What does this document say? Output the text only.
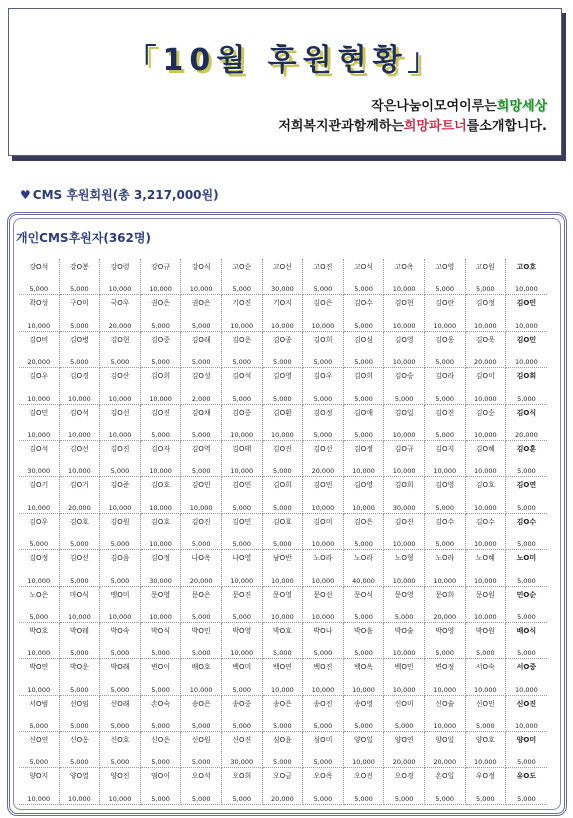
「10월 후원현황」
작은나눔이모여이루는희망세상
저희복지관과함께하는희망파트너를소개합니다.
♥ CMS 후원회원(총 3,217,000원)
개인CMS후원자(362명)
강O석
5,000
강O봉
5,000
강O령
10,000
강O규
10,000
강O식
10,000
고O순
5,000
고O선
30,000
고O진
5,000
고O식
5,000
고O옥
10,000
고O영
5,000
고O원
5,000
고O호
10,000
곽O성
10,000
구O미
5,000
국O우
20,000
권O은
5,000
권O은
5,000
기O진
10,000
기O지
10,000
김O은
10,000
김O수
5,000
김O현
10,000
김O란
10,000
김O정
10,000
김O민
10,000
김O비
20,000
김O병
5,000
김O현
5,000
김O중
5,000
김O래
5,000
김O운
5,000
김O종
5,000
김O희
5,000
김O심
5,000
김O영
10,000
김O웅
5,000
김O욱
20,000
김O민
10,000
김O우
10,000
김O경
10,000
김O산
10,000
김O희
10,000
김O성
2,000
김O석
5,000
김O영
5,000
김O우
5,000
김O희
5,000
김O승
5,000
김O라
5,000
김O미
10,000
김O희
5,000
김O민
10,000
김O석
10,000
김O선
10,000
김O진
5,000
김O채
5,000
김O중
10,000
김O환
10,000
김O정
5,000
김O애
5,000
김O일
10,000
김O진
5,000
김O순
10,000
김O식
20,000
김O석
30,000
김O선
10,000
김O진
5,000
김O자
10,000
김O역
5,000
김O태
10,000
김O진
5,000
김O선
20,000
김O정
10,000
김O규
10,000
김O지
10,000
김O혜
10,000
김O훈
5,000
김O기
10,000
김O기
20,000
김O준
10,000
김O호
10,000
김O민
10,000
김O민
5,000
김O희
5,000
김O민
10,000
김O영
10,000
김O희
30,000
김O영
5,000
김O호
10,000
김O연
5,000
김O우
5,000
김O호
5,000
김O원
5,000
김O호
10,000
김O진
5,000
김O민
5,000
김O호
5,000
김O미
10,000
김O은
5,000
김O진
10,000
김O수
5,000
김O수
10,000
김O수
5,000
김O정
10,000
김O선
5,000
김O음
5,000
김O정
30,000
나O옥
20,000
나O영
10,000
남O반
10,000
노O라
10,000
노O라
40,000
노O형
10,000
노O라
10,000
노O혜
10,000
노O미
5,000
노O은
5,000
마O식
10,000
맹O미
10,000
문O영
10,000
문O은
5,000
문O진
5,000
문O영
10,000
문O선
10,000
문O식
5,000
문O영
5,000
문O희
20,000
문O원
10,000
민O순
5,000
박O호
10,000
박O레
5,000
박O숙
5,000
박O식
5,000
박O민
5,000
박O영
10,000
박O호
5,000
박O나
5,000
박O음
5,000
박O술
10,000
박O영
5,000
박O원
5,000
배O식
5,000
박O연
10,000
박O운
5,000
박O래
5,000
변O이
5,000
배O호
10,000
백O미
5,000
백O연
10,000
백O진
10,000
백O옥
10,000
백O민
10,000
변O정
10,000
서O숙
10,000
서O중
10,000
서O범
5,000
선O임
5,000
선O래
5,000
손O숙
5,000
송O은
5,000
송O중
5,000
송O은
5,000
송O진
5,000
송O영
5,000
신O미
5,000
신O술
10,000
신O민
5,000
신O진
10,000
신O연
5,000
신O옹
5,000
신O호
5,000
신O은
5,000
신O원
5,000
신O진
30,000
심O윤
5,000
심O미
5,000
양O일
10,000
양O연
20,000
양O일
20,000
양O호
10,000
양O미
5,000
양O지
10,000
양O열
10,000
양O진
10,000
염O이
5,000
오O석
5,000
오O희
5,000
오O금
20,000
오O옥
5,000
오O진
5,000
오O경
5,000
온O일
5,000
우O정
5,000
유O도
5,000
